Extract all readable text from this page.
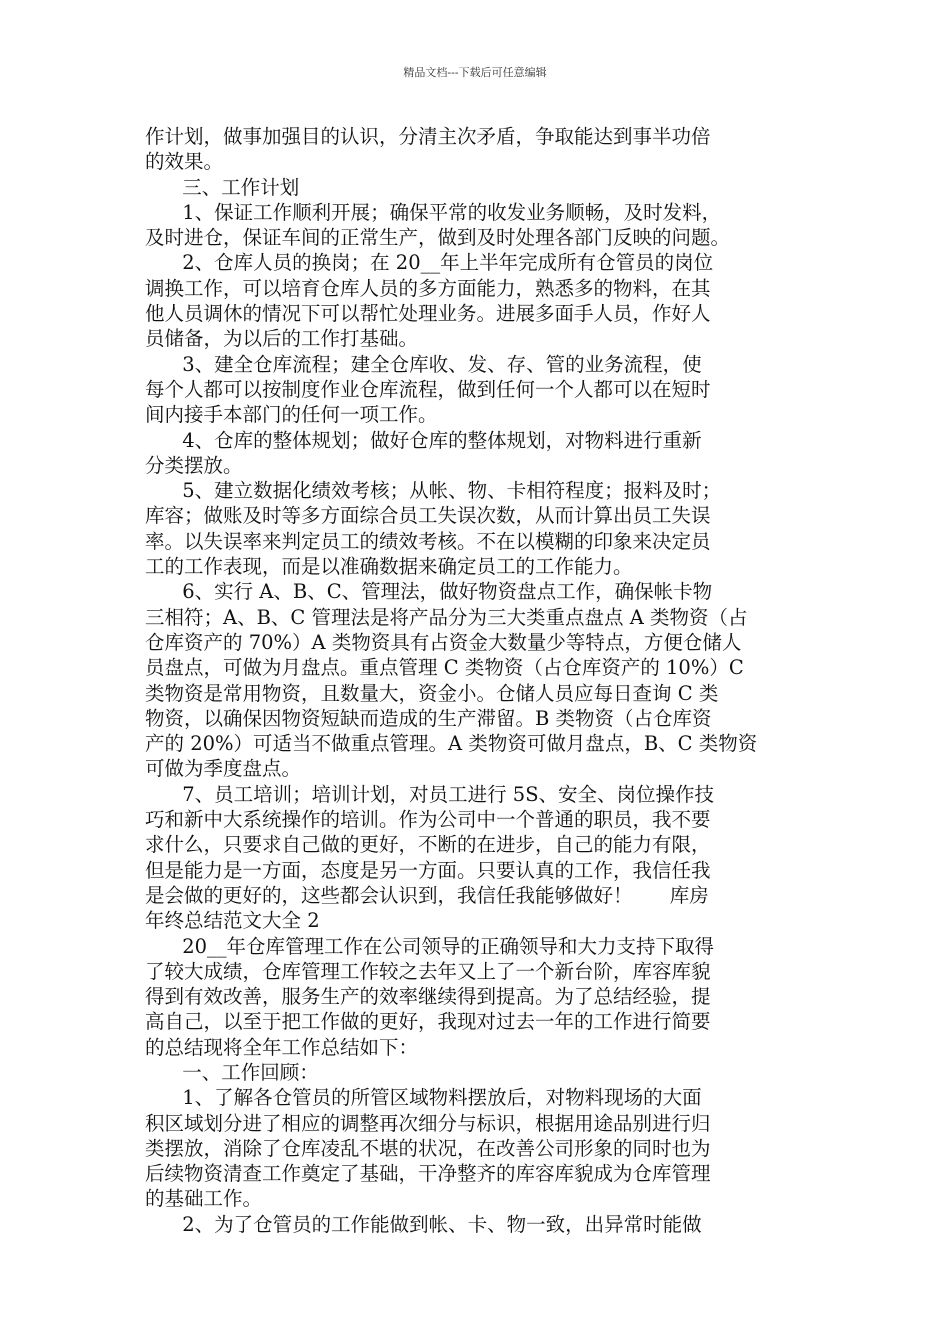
精品文档---下载后可任意编辑
作计划，做事加强目的认识，分清主次矛盾，争取能达到事半功倍
的效果。
三、工作计划
1、保证工作顺利开展；确保平常的收发业务顺畅，及时发料，
及时进仓，保证车间的正常生产，做到及时处理各部门反映的问题。
2、仓库人员的换岗；在 20__年上半年完成所有仓管员的岗位
调换工作，可以培育仓库人员的多方面能力，熟悉多的物料，在其
他人员调休的情况下可以帮忙处理业务。进展多面手人员，作好人
员储备，为以后的工作打基础。
3、建全仓库流程；建全仓库收、发、存、管的业务流程，使
每个人都可以按制度作业仓库流程，做到任何一个人都可以在短时
间内接手本部门的任何一项工作。
4、仓库的整体规划；做好仓库的整体规划，对物料进行重新
分类摆放。
5、建立数据化绩效考核；从帐、物、卡相符程度；报料及时；
库容；做账及时等多方面综合员工失误次数，从而计算出员工失误
率。以失误率来判定员工的绩效考核。不在以模糊的印象来决定员
工的工作表现，而是以准确数据来确定员工的工作能力。
6、实行 A、B、C、管理法，做好物资盘点工作，确保帐卡物
三相符；A、B、C 管理法是将产品分为三大类重点盘点 A 类物资（占
仓库资产的 70%）A 类物资具有占资金大数量少等特点，方便仓储人
员盘点，可做为月盘点。重点管理 C 类物资（占仓库资产的 10%）C
类物资是常用物资，且数量大，资金小。仓储人员应每日查询 C 类
物资，以确保因物资短缺而造成的生产滞留。B 类物资（占仓库资
产的 20%）可适当不做重点管理。A 类物资可做月盘点，B、C 类物资
可做为季度盘点。
7、员工培训；培训计划，对员工进行 5S、安全、岗位操作技
巧和新中大系统操作的培训。作为公司中一个普通的职员，我不要
求什么，只要求自己做的更好，不断的在进步，自己的能力有限，
但是能力是一方面，态度是另一方面。只要认真的工作，我信任我
是会做的更好的，这些都会认识到，我信任我能够做好！      库房
年终总结范文大全 2
20__年仓库管理工作在公司领导的正确领导和大力支持下取得
了较大成绩，仓库管理工作较之去年又上了一个新台阶，库容库貌
得到有效改善，服务生产的效率继续得到提高。为了总结经验，提
高自己，以至于把工作做的更好，我现对过去一年的工作进行简要
的总结现将全年工作总结如下：
一、工作回顾：
1、了解各仓管员的所管区域物料摆放后，对物料现场的大面
积区域划分进了相应的调整再次细分与标识，根据用途品别进行归
类摆放，消除了仓库凌乱不堪的状况，在改善公司形象的同时也为
后续物资清查工作奠定了基础，干净整齐的库容库貌成为仓库管理
的基础工作。
2、为了仓管员的工作能做到帐、卡、物一致，出异常时能做
